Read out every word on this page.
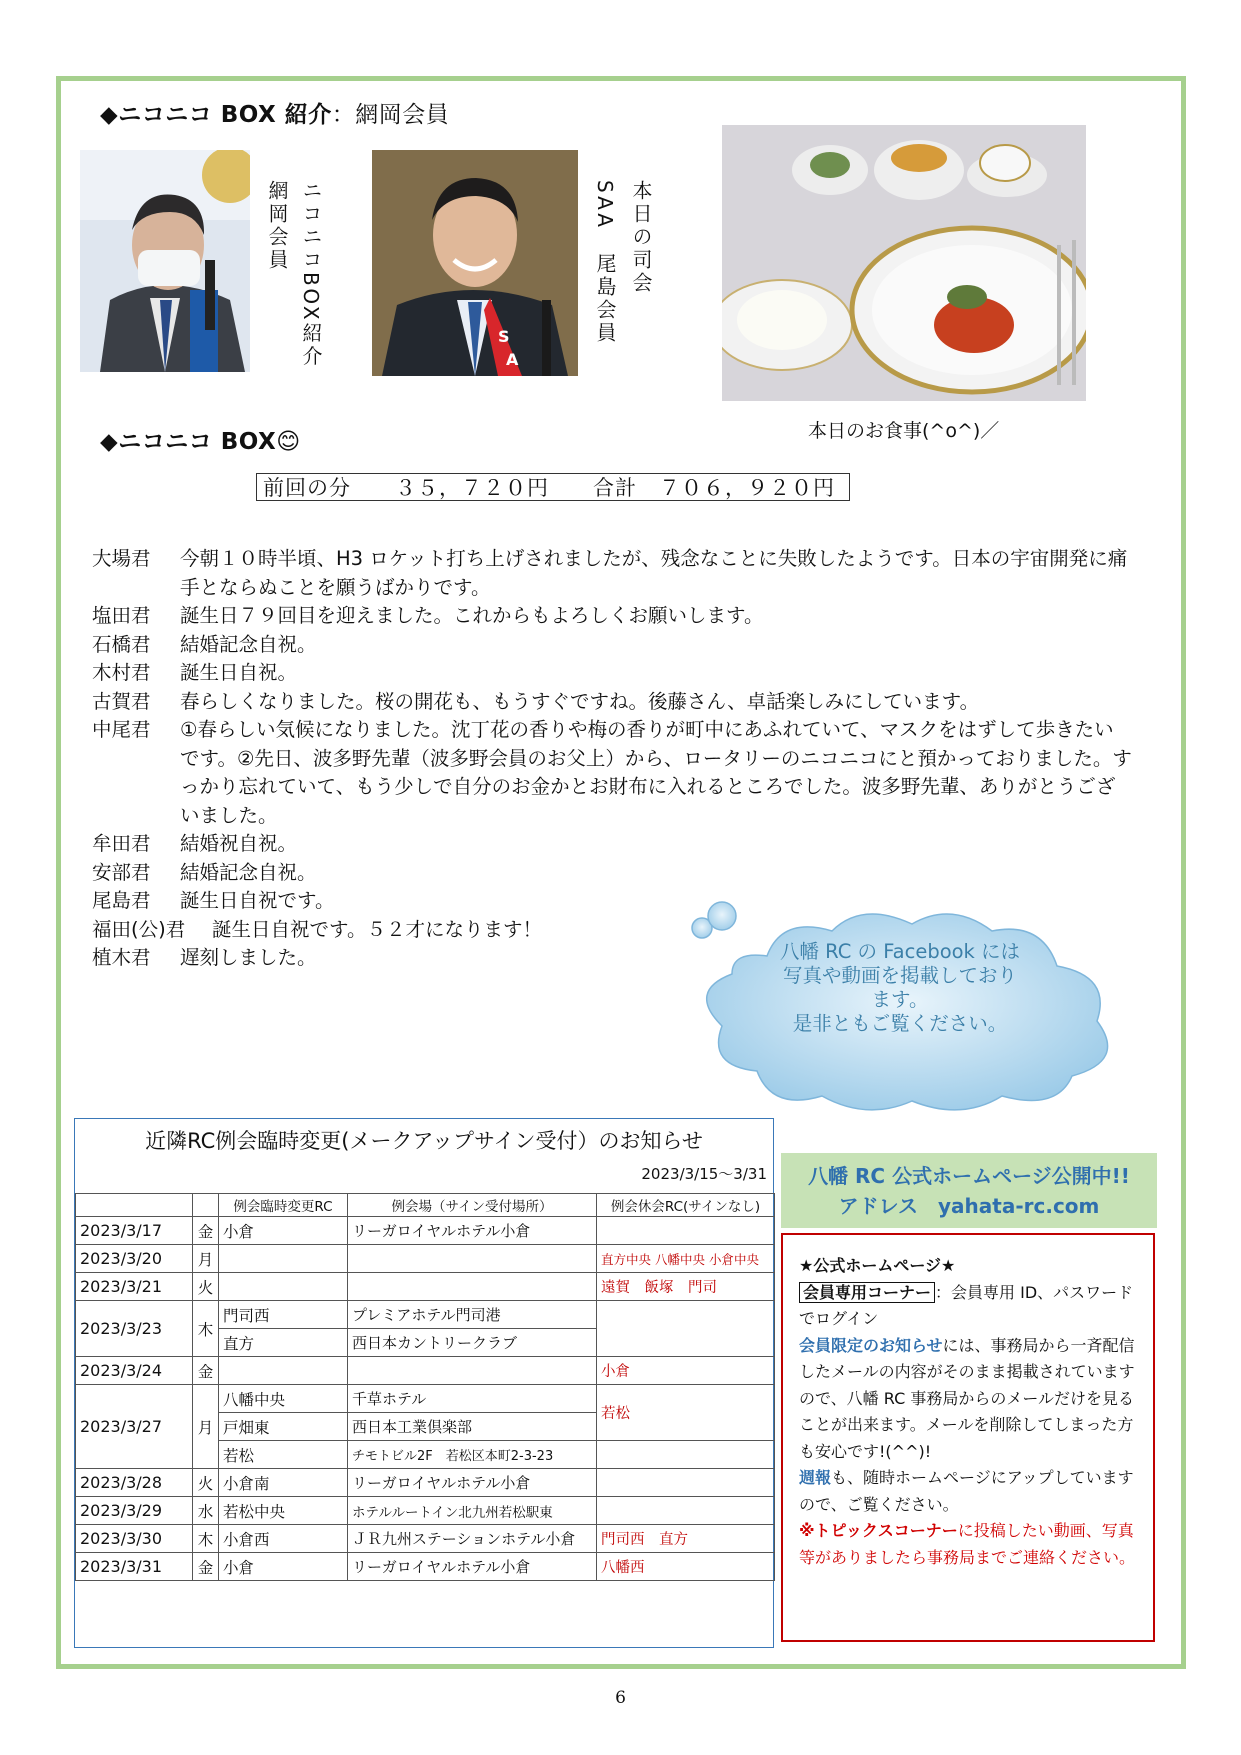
◆ニコニコ BOX 紹介：網岡会員
網岡会員 ニコニコBOX紹介	S
A
SAA　尾島会員 本日の司会
本日のお食事(^o^)／
◆ニコニコ BOX😊
前回の分　　３５，７２０円　　合計　７０６，９２０円
大場君	今朝１０時半頃、H3 ロケット打ち上げされましたが、残念なことに失敗したようです。日本の宇宙開発に痛手とならぬことを願うばかりです。
塩田君	誕生日７９回目を迎えました。これからもよろしくお願いします。
石橋君	結婚記念自祝。
木村君	誕生日自祝。
古賀君	春らしくなりました。桜の開花も、もうすぐですね。後藤さん、卓話楽しみにしています。
中尾君	①春らしい気候になりました。沈丁花の香りや梅の香りが町中にあふれていて、マスクをはずして歩きたいです。②先日、波多野先輩（波多野会員のお父上）から、ロータリーのニコニコにと預かっておりました。すっかり忘れていて、もう少しで自分のお金かとお財布に入れるところでした。波多野先輩、ありがとうございました。
牟田君	結婚祝自祝。
安部君	結婚記念自祝。
尾島君	誕生日自祝です。
福田(公)君	誕生日自祝です。５２才になります！
植木君	遅刻しました。	八幡 RC の Facebook には
写真や動画を掲載しており
ます。
是非ともご覧ください。
近隣RC例会臨時変更(メークアップサイン受付）のお知らせ
2023/3/15～3/31
		例会臨時変更RC	例会場（サイン受付場所）	例会休会RC(サインなし)
2023/3/17	金	小倉	リーガロイヤルホテル小倉	
2023/3/20	月			直方中央 八幡中央 小倉中央
2023/3/21	火			遠賀　飯塚　門司
2023/3/23	木	門司西	プレミアホテル門司港	
		直方	西日本カントリークラブ	
2023/3/24	金			小倉
2023/3/27	月	八幡中央	千草ホテル	若松
		戸畑東	西日本工業倶楽部	
		若松	チモトビル2F　若松区本町2-3-23	
2023/3/28	火	小倉南	リーガロイヤルホテル小倉	
2023/3/29	水	若松中央	ホテルルートイン北九州若松駅東	
2023/3/30	木	小倉西	ＪＲ九州ステーションホテル小倉	門司西　直方
2023/3/31	金	小倉	リーガロイヤルホテル小倉	八幡西
八幡 RC 公式ホームページ公開中!!
アドレス　yahata-rc.com
★公式ホームページ★
会員専用コーナー ：会員専用 ID、パスワードでログイン
会員限定のお知らせには、事務局から一斉配信したメールの内容がそのまま掲載されていますので、八幡 RC 事務局からのメールだけを見ることが出来ます。メールを削除してしまった方も安心です!(^^)!
週報も、随時ホームページにアップしていますので、ご覧ください。
※トピックスコーナーに投稿したい動画、写真等がありましたら事務局までご連絡ください。
6
